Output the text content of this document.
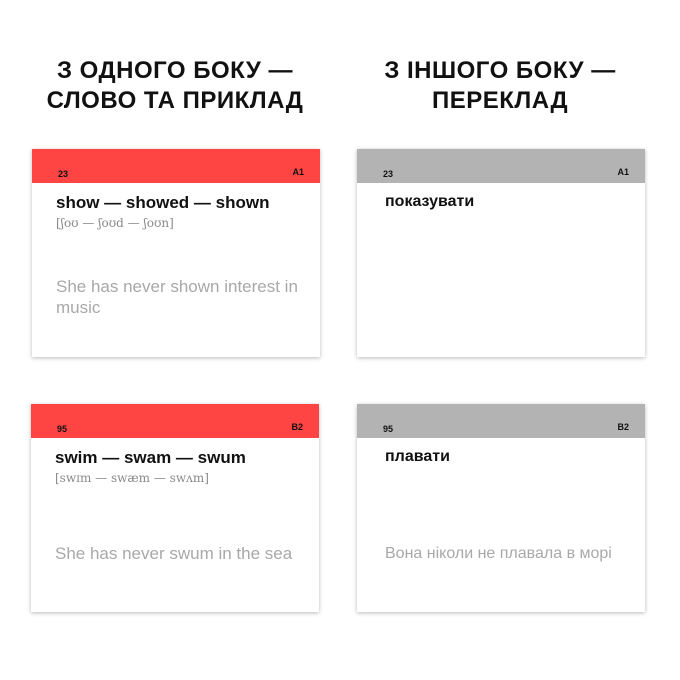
З ОДНОГО БОКУ —
СЛОВО ТА ПРИКЛАД
З ІНШОГО БОКУ —
ПЕРЕКЛАД
23	A1
show — showed — shown
[ʃoʊ — ʃoʊd — ʃoʊn]
She has never shown interest in music
23	A1
показувати
95	B2
swim — swam — swum
[swɪm — swæm — swʌm]
She has never swum in the sea
95	B2
плавати
Вона ніколи не плавала в морі
